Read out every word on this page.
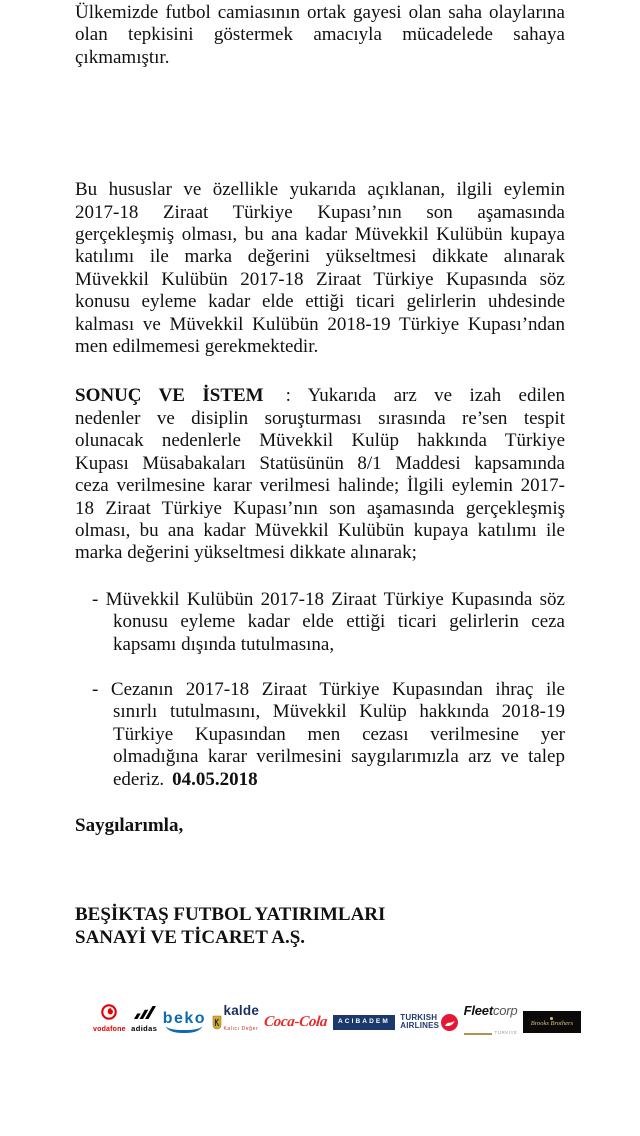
Ülkemizde futbol camiasının ortak gayesi olan saha olaylarına
olan tepkisini göstermek amacıyla mücadelede sahaya
çıkmamıştır.
Bu hususlar ve özellikle yukarıda açıklanan, ilgili eylemin
2017-18 Ziraat Türkiye Kupası’nın son aşamasında
gerçekleşmiş olması, bu ana kadar Müvekkil Kulübün kupaya
katılımı ile marka değerini yükseltmesi dikkate alınarak
Müvekkil Kulübün 2017-18 Ziraat Türkiye Kupasında söz
konusu eyleme kadar elde ettiği ticari gelirlerin uhdesinde
kalması ve Müvekkil Kulübün 2018-19 Türkiye Kupası’ndan
men edilmemesi gerekmektedir.
SONUÇ VE İSTEM : Yukarıda arz ve izah edilen
nedenler ve disiplin soruşturması sırasında re’sen tespit
olunacak nedenlerle Müvekkil Kulüp hakkında Türkiye
Kupası Müsabakaları Statüsünün 8/1 Maddesi kapsamında
ceza verilmesine karar verilmesi halinde; İlgili eylemin 2017-
18 Ziraat Türkiye Kupası’nın son aşamasında gerçekleşmiş
olması, bu ana kadar Müvekkil Kulübün kupaya katılımı ile
marka değerini yükseltmesi dikkate alınarak;
- Müvekkil Kulübün 2017-18 Ziraat Türkiye Kupasında söz
konusu eyleme kadar elde ettiği ticari gelirlerin ceza
kapsamı dışında tutulmasına,
- Cezanın 2017-18 Ziraat Türkiye Kupasından ihraç ile
sınırlı tutulmasını, Müvekkil Kulüp hakkında 2018-19
Türkiye Kupasından men cezası verilmesine yer
olmadığına karar verilmesini saygılarımızla arz ve talep
ederiz. 04.05.2018
Saygılarımla,
BEŞİKTAŞ FUTBOL YATIRIMLARI
SANAYİ VE TİCARET A.Ş.
vodafone adidas
beko
kalde
Kalıcı Değer Coca-Cola ACIBADEM TURKISH
AIRLINES
Fleet corp
TÜRKİYE
Brooks Brothers
